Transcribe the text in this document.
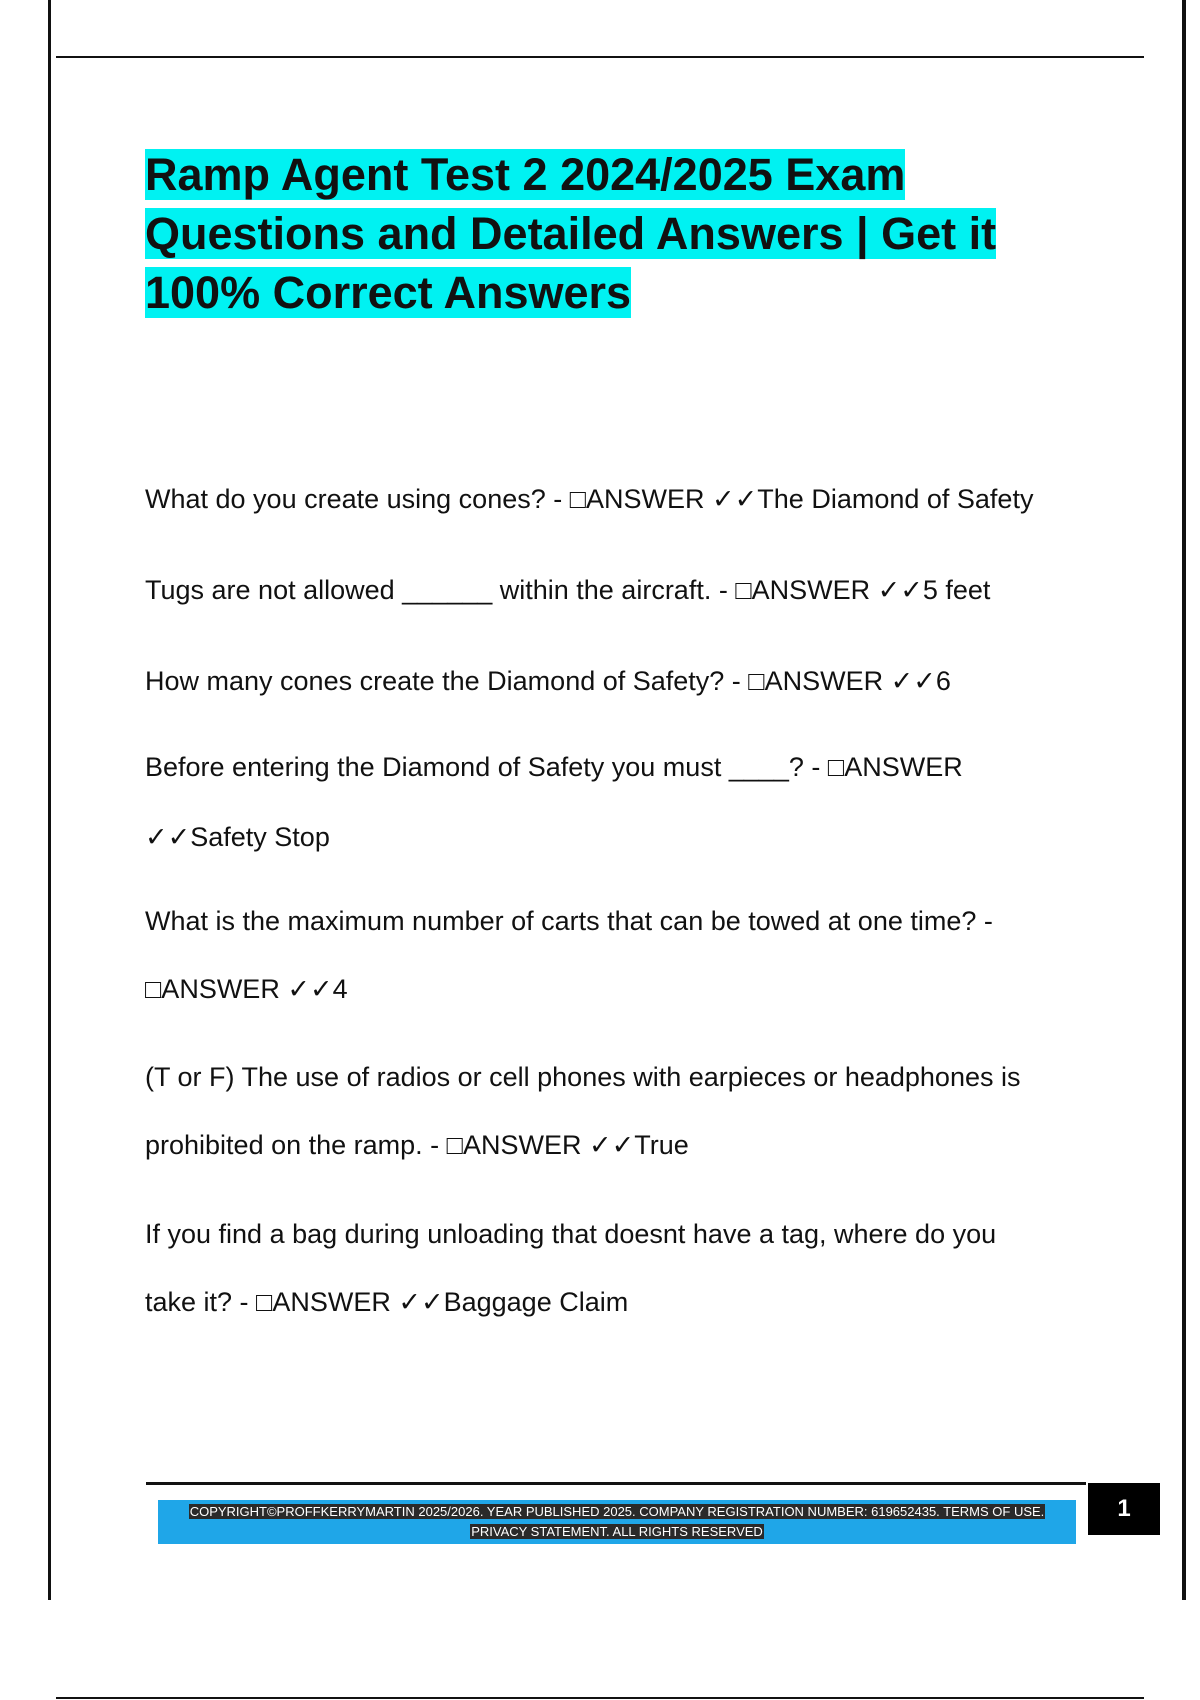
Ramp Agent Test 2 2024/2025 Exam
Questions and Detailed Answers | Get it
100% Correct Answers
What do you create using cones? - □ANSWER ✓✓The Diamond of Safety
Tugs are not allowed ______ within the aircraft. - □ANSWER ✓✓5 feet
How many cones create the Diamond of Safety? - □ANSWER ✓✓6
Before entering the Diamond of Safety you must ____? - □ANSWER
✓✓Safety Stop
What is the maximum number of carts that can be towed at one time? -
□ANSWER ✓✓4
(T or F) The use of radios or cell phones with earpieces or headphones is
prohibited on the ramp. - □ANSWER ✓✓True
If you find a bag during unloading that doesnt have a tag, where do you
take it? - □ANSWER ✓✓Baggage Claim
COPYRIGHT©PROFFKERRYMARTIN 2025/2026. YEAR PUBLISHED 2025. COMPANY REGISTRATION NUMBER: 619652435. TERMS OF USE.
PRIVACY STATEMENT. ALL RIGHTS RESERVED
1
